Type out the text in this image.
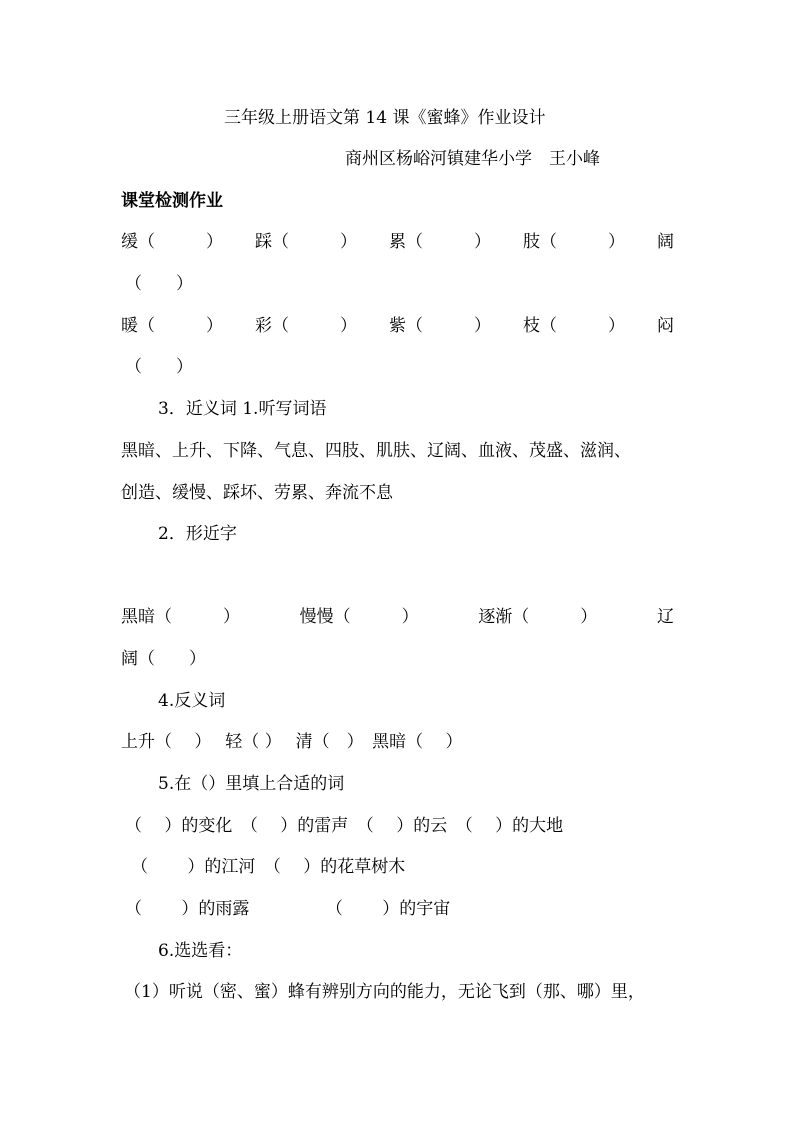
三年级上册语文第 14 课《蜜蜂》作业设计
商州区杨峪河镇建华小学　王小峰
课堂检测作业
缓（　　　） 踩（　　　） 累（　　　） 肢（　　　） 阔
（　　）
暖（　　　） 彩（　　　） 紫（　　　） 枝（　　　） 闷
（　　）
3．近义词 1.听写词语
黑暗、上升、下降、气息、四肢、肌肤、辽阔、血液、茂盛、滋润、
创造、缓慢、踩坏、劳累、奔流不息
2．形近字
黑暗（　　　）	慢慢（　　　）	逐渐（　　　）	辽
阔（　　）
4.反义词
上升（　 ）　 轻（ ）　 清（　）　黑暗（　 ）
5.在（）里填上合适的词
（　 ）的变化　（　 ）的雷声　（　 ）的云　（　 ）的大地
（　　 ）的江河　（　 ）的花草树木
（　　 ）的雨露　　　　　（　　 ）的宇宙
6.选选看：
（1）听说（密、蜜）蜂有辨别方向的能力，无论飞到（那、哪）里，
